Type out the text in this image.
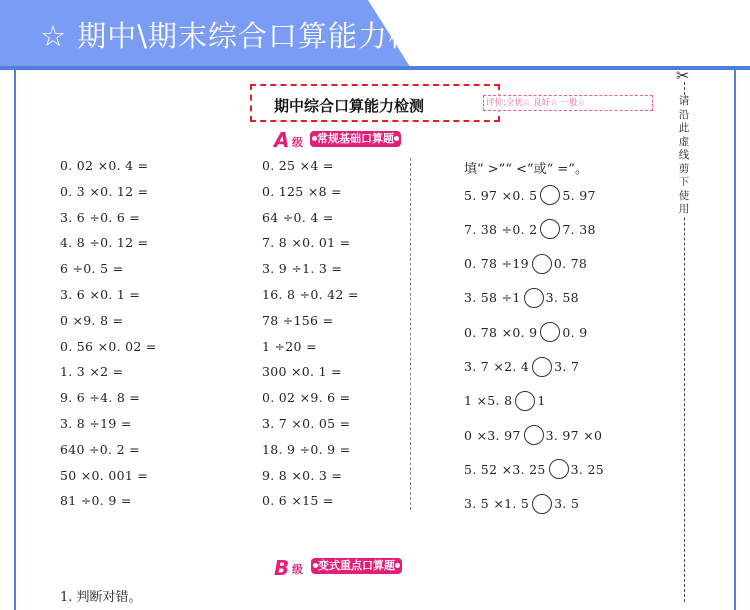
☆ 期中\期末综合口算能力检测
期中综合口算能力检测	评价:全优☆ 良好☆ 一般☆
A 级	常规基础口算题
0. 02 ×0. 4 =
0. 3 ×0. 12 =
3. 6 ÷0. 6 =
4. 8 ÷0. 12 =
6 ÷0. 5 =
3. 6 ×0. 1 =
0 ×9. 8 =
0. 56 ×0. 02 =
1. 3 ×2 =
9. 6 ÷4. 8 =
3. 8 ÷19 =
640 ÷0. 2 =
50 ×0. 001 =
81 ÷0. 9 =
0. 25 ×4 =
0. 125 ×8 =
64 ÷0. 4 =
7. 8 ×0. 01 =
3. 9 ÷1. 3 =
16. 8 ÷0. 42 =
78 ÷156 =
1 ÷20 =
300 ×0. 1 =
0. 02 ×9. 6 =
3. 7 ×0. 05 =
18. 9 ÷0. 9 =
9. 8 ×0. 3 =
0. 6 ×15 =
填“ >”“ <”或“ =”。
5. 97 ×0. 5 5. 97
7. 38 ÷0. 2 7. 38
0. 78 ÷19 0. 78
3. 58 ÷1 3. 58
0. 78 ×0. 9 0. 9
3. 7 ×2. 4 3. 7
1 ×5. 8 1
0 ×3. 97 3. 97 ×0
5. 52 ×3. 25 3. 25
3. 5 ×1. 5 3. 5
✂
请沿此虚线剪下使用
B 级	变式重点口算题
1. 判断对错。
